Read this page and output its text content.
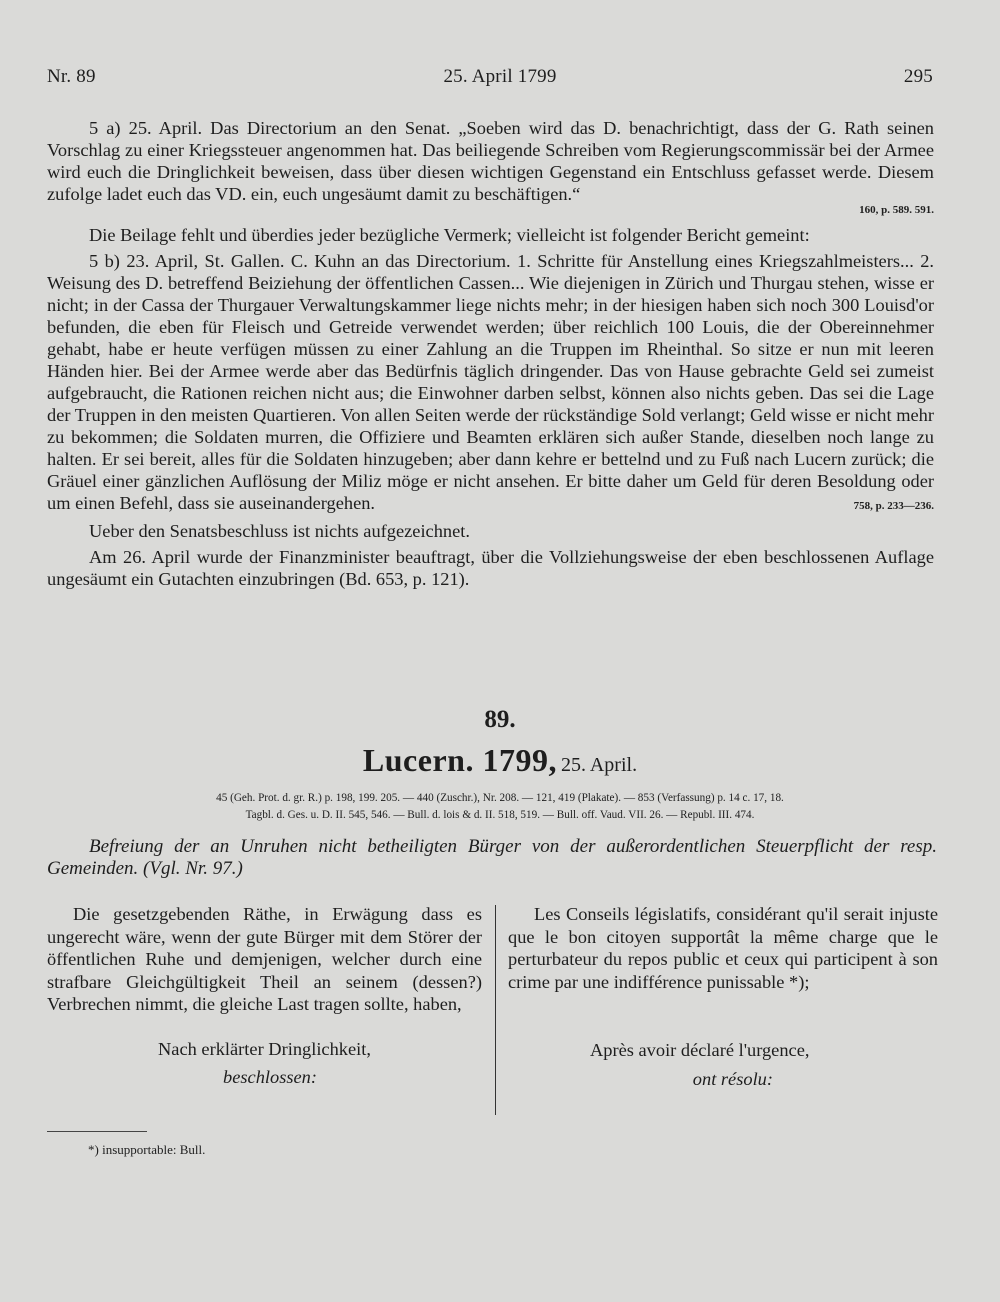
Nr. 89	25. April 1799	295

5 a) 25. April. Das Directorium an den Senat. „Soeben wird das D. benachrichtigt, dass der G. Rath seinen Vorschlag zu einer Kriegssteuer angenommen hat. Das beiliegende Schreiben vom Regierungscommissär bei der Armee wird euch die Dringlichkeit beweisen, dass über diesen wichtigen Gegenstand ein Entschluss gefasset werde. Diesem zufolge ladet euch das VD. ein, euch ungesäumt damit zu beschäftigen.“

160, p. 589. 591.

Die Beilage fehlt und überdies jeder bezügliche Vermerk; vielleicht ist folgender Bericht gemeint:

5 b) 23. April, St. Gallen. C. Kuhn an das Directorium. 1. Schritte für Anstellung eines Kriegszahlmeisters... 2. Weisung des D. betreffend Beiziehung der öffentlichen Cassen... Wie diejenigen in Zürich und Thurgau stehen, wisse er nicht; in der Cassa der Thurgauer Verwaltungskammer liege nichts mehr; in der hiesigen haben sich noch 300 Louisd'or befunden, die eben für Fleisch und Getreide verwendet werden; über reichlich 100 Louis, die der Obereinnehmer gehabt, habe er heute verfügen müssen zu einer Zahlung an die Truppen im Rheinthal. So sitze er nun mit leeren Händen hier. Bei der Armee werde aber das Bedürfnis täglich dringender. Das von Hause gebrachte Geld sei zumeist aufgebraucht, die Rationen reichen nicht aus; die Einwohner darben selbst, können also nichts geben. Das sei die Lage der Truppen in den meisten Quartieren. Von allen Seiten werde der rückständige Sold verlangt; Geld wisse er nicht mehr zu bekommen; die Soldaten murren, die Offiziere und Beamten erklären sich außer Stande, dieselben noch lange zu halten. Er sei bereit, alles für die Soldaten hinzugeben; aber dann kehre er bettelnd und zu Fuß nach Lucern zurück; die Gräuel einer gänzlichen Auflösung der Miliz möge er nicht ansehen. Er bitte daher um Geld für deren Besoldung oder um einen Befehl, dass sie auseinandergehen.	758, p. 233—236.

Ueber den Senatsbeschluss ist nichts aufgezeichnet.

Am 26. April wurde der Finanzminister beauftragt, über die Vollziehungsweise der eben beschlossenen Auflage ungesäumt ein Gutachten einzubringen (Bd. 653, p. 121).

89.
Lucern. 1799, 25. April.
45 (Geh. Prot. d. gr. R.) p. 198, 199. 205. — 440 (Zuschr.), Nr. 208. — 121, 419 (Plakate). — 853 (Verfassung) p. 14 c. 17, 18.
Tagbl. d. Ges. u. D. II. 545, 546. — Bull. d. lois & d. II. 518, 519. — Bull. off. Vaud. VII. 26. — Republ. III. 474.
Befreiung der an Unruhen nicht betheiligten Bürger von der außerordentlichen Steuerpflicht der resp. Gemeinden. (Vgl. Nr. 97.)

Die gesetzgebenden Räthe, in Erwägung dass es ungerecht wäre, wenn der gute Bürger mit dem Störer der öffentlichen Ruhe und demjenigen, welcher durch eine strafbare Gleichgültigkeit Theil an seinem (dessen?) Verbrechen nimmt, die gleiche Last tragen sollte, haben,

Nach erklärter Dringlichkeit,

beschlossen:

Les Conseils législatifs, considérant qu'il serait injuste que le bon citoyen supportât la même charge que le perturbateur du repos public et ceux qui participent à son crime par une indifférence punissable *);

Après avoir déclaré l'urgence,

ont résolu:

*) insupportable: Bull.
